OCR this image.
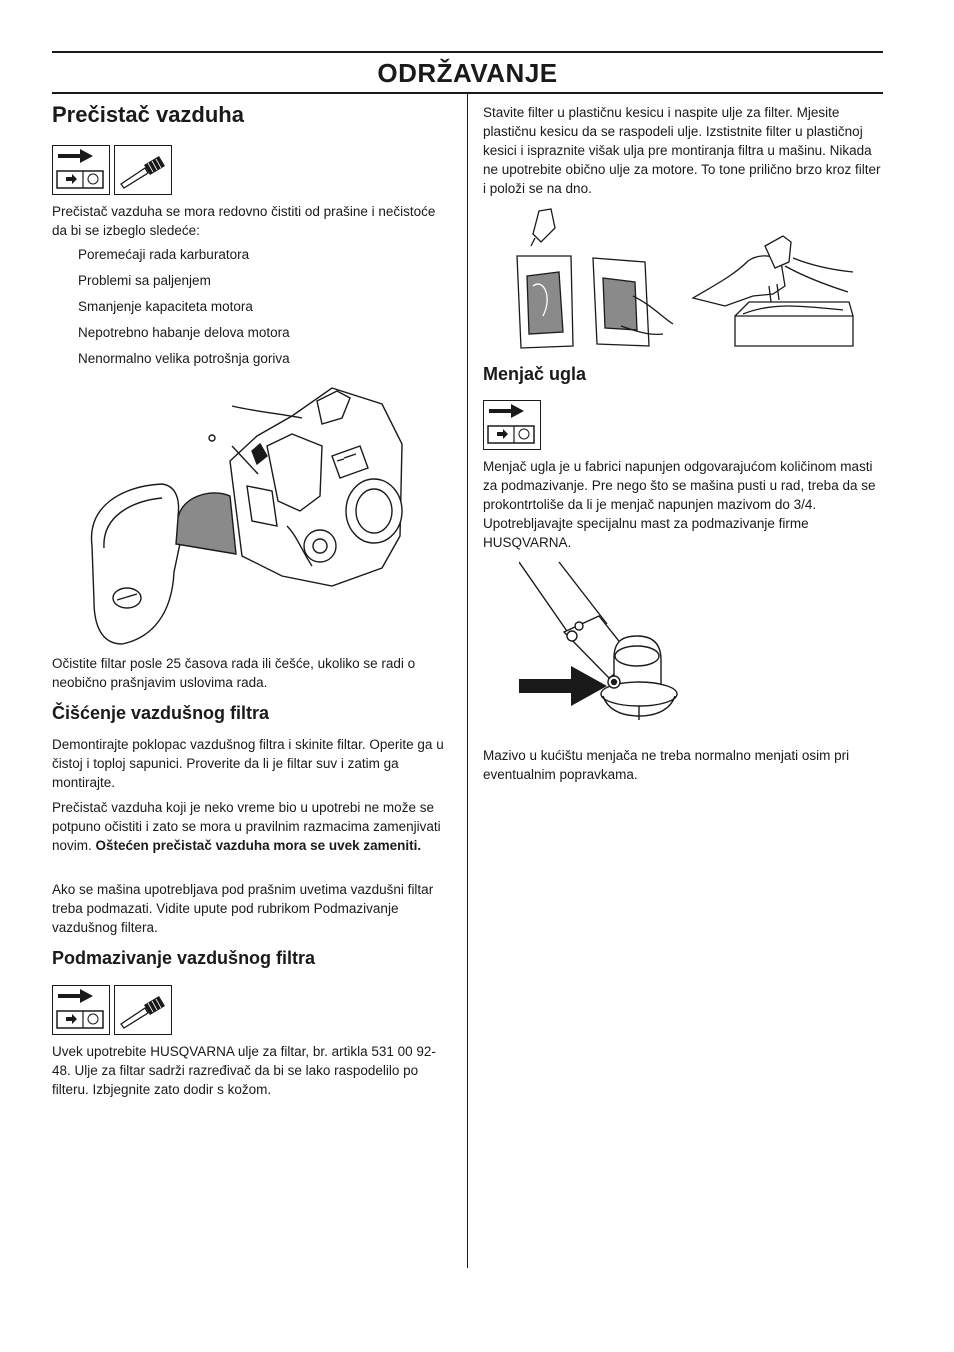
ODRŽAVANJE
Prečistač vazduha

Prečistač vazduha se mora redovno čistiti od prašine i nečistoće da bi se izbeglo sledeće:

Poremećaji rada karburatora
Problemi sa paljenjem
Smanjenje kapaciteta motora
Nepotrebno habanje delova motora
Nenormalno velika potrošnja goriva

Očistite filtar posle 25 časova rada ili češće, ukoliko se radi o neobično prašnjavim uslovima rada.

Čišćenje vazdušnog filtra

Demontirajte poklopac vazdušnog filtra i skinite filtar. Operite ga u čistoj i toplој sapunici. Proverite da li je filtar suv i zatim ga montirajte.

Prečistač vazduha koji je neko vreme bio u upotrebi ne može se potpuno očistiti i zato se mora u pravilnim razmacima zamenjivati novim. Oštećen prečistač vazduha mora se uvek zameniti.

Ako se mašina upotrebljava pod prašnim uvetima vazdušni filtar treba podmazati. Vidite upute pod rubrikom Podmazivanje vazdušnog filtera.

Podmazivanje vazdušnog filtra

Uvek upotrebite HUSQVARNA ulje za filtar, br. artikla 531 00 92-48. Ulje za filtar sadrži razređivač da bi se lako raspodelilo po filteru. Izbjegnite zato dodir s kožom.

Stavite filter u plastičnu kesicu i naspite ulje za filter. Mjesite plastičnu kesicu da se raspodeli ulje. Izstistnite filter u plastičnoj kesici i ispraznite višak ulja pre montiranja filtra u mašinu. Nikada ne upotrebite obično ulje za motore. To tone prilično brzo kroz filter i položi se na dno.

Menjač ugla

Menjač ugla je u fabrici napunjen odgovarajućom količinom masti za podmazivanje. Pre nego što se mašina pusti u rad, treba da se prokontrtoliše da li je menjač napunjen mazivom do 3/4. Upotrebljavajte specijalnu mast za podmazivanje firme HUSQVARNA.

Mazivo u kućištu menjača ne treba normalno menjati osim pri eventualnim popravkama.
